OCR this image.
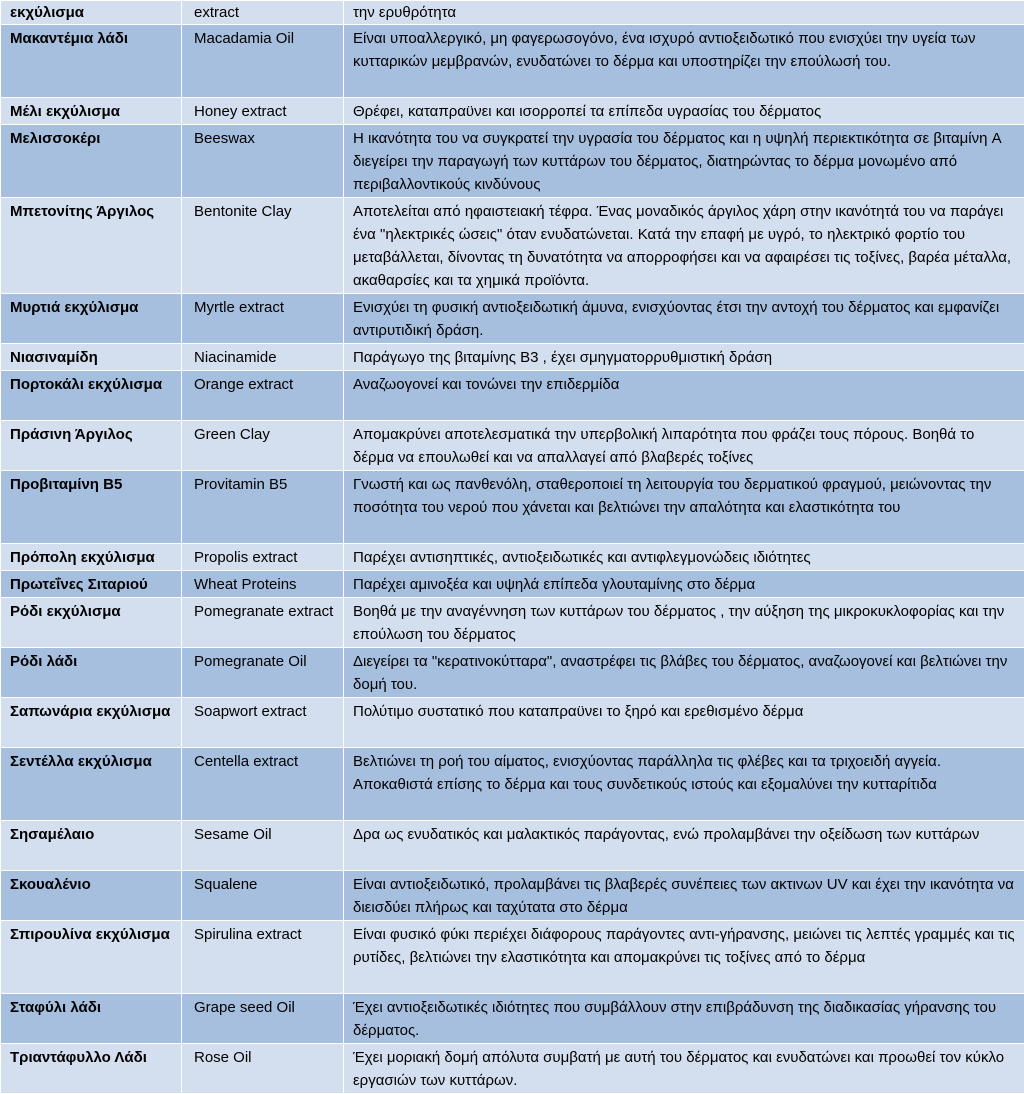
εκχύλισμα	extract	την ερυθρότητα
Μακαντέμια λάδι	Macadamia Oil	Είναι υποαλλεργικό, μη φαγερωσογόνο, ένα ισχυρό αντιοξειδωτικό που ενισχύει την υγεία των κυτταρικών μεμβρανών, ενυδατώνει το δέρμα και υποστηρίζει την επούλωσή του.
Μέλι εκχύλισμα	Honey extract	Θρέφει, καταπραϋνει και ισορροπεί τα επίπεδα υγρασίας του δέρματος
Μελισσοκέρι	Beeswax	Η ικανότητα του να συγκρατεί την υγρασία του δέρματος και η υψηλή περιεκτικότητα σε βιταμίνη A διεγείρει την παραγωγή των κυττάρων του δέρματος, διατηρώντας το δέρμα μονωμένο από περιβαλλοντικούς κινδύνους
Μπετονίτης Άργιλος	Bentonite Clay	Αποτελείται από ηφαιστειακή τέφρα. Ένας μοναδικός άργιλος χάρη στην ικανότητά του να παράγει ένα "ηλεκτρικές ώσεις" όταν ενυδατώνεται. Κατά την επαφή με υγρό, το ηλεκτρικό φορτίο του μεταβάλλεται, δίνοντας τη δυνατότητα να απορροφήσει και να αφαιρέσει τις τοξίνες, βαρέα μέταλλα, ακαθαρσίες και τα χημικά προϊόντα.
Μυρτιά εκχύλισμα	Myrtle extract	Ενισχύει τη φυσική αντιοξειδωτική άμυνα, ενισχύοντας έτσι την αντοχή του δέρματος και εμφανίζει αντιρυτιδική δράση.
Νιασιναμίδη	Niacinamide	Παράγωγο της βιταμίνης B3 , έχει σμηγματορρυθμιστική δράση
Πορτοκάλι εκχύλισμα	Orange extract	Αναζωογονεί και τονώνει την επιδερμίδα
Πράσινη Άργιλος	Green Clay	Απομακρύνει αποτελεσματικά την υπερβολική λιπαρότητα που φράζει τους πόρους. Βοηθά το δέρμα να επουλωθεί και να απαλλαγεί από βλαβερές τοξίνες
Προβιταμίνη B5	Provitamin B5	Γνωστή και ως πανθενόλη, σταθεροποιεί τη λειτουργία του δερματικού φραγμού, μειώνοντας την ποσότητα του νερού που χάνεται και βελτιώνει την απαλότητα και ελαστικότητα του
Πρόπολη εκχύλισμα	Propolis extract	Παρέχει αντισηπτικές, αντιοξειδωτικές και αντιφλεγμονώδεις ιδιότητες
Πρωτεΐνες Σιταριού	Wheat Proteins	Παρέχει αμινοξέα και υψηλά επίπεδα γλουταμίνης στο δέρμα
Ρόδι εκχύλισμα	Pomegranate extract	Βοηθά με την αναγέννηση των κυττάρων του δέρματος , την αύξηση της μικροκυκλοφορίας και την επούλωση του δέρματος
Ρόδι λάδι	Pomegranate Oil	Διεγείρει τα "κερατινοκύτταρα", αναστρέφει τις βλάβες του δέρματος, αναζωογονεί και βελτιώνει την δομή του.
Σαπωνάρια εκχύλισμα	Soapwort extract	Πολύτιμο συστατικό που καταπραϋνει το ξηρό και ερεθισμένο δέρμα
Σεντέλλα εκχύλισμα	Centella extract	Βελτιώνει τη ροή του αίματος, ενισχύοντας παράλληλα τις φλέβες και τα τριχοειδή αγγεία. Αποκαθιστά επίσης το δέρμα και τους συνδετικούς ιστούς και εξομαλύνει την κυτταρίτιδα
Σησαμέλαιο	Sesame Oil	Δρα ως ενυδατικός και μαλακτικός παράγοντας, ενώ προλαμβάνει την οξείδωση των κυττάρων
Σκουαλένιο	Squalene	Είναι αντιοξειδωτικό, προλαμβάνει τις βλαβερές συνέπειες των ακτινων UV και έχει την ικανότητα να διεισδύει πλήρως και ταχύτατα στο δέρμα
Σπιρουλίνα εκχύλισμα	Spirulina extract	Είναι φυσικό φύκι περιέχει διάφορους παράγοντες αντι-γήρανσης, μειώνει τις λεπτές γραμμές και τις ρυτίδες, βελτιώνει την ελαστικότητα και απομακρύνει τις τοξίνες από το δέρμα
Σταφύλι λάδι	Grape seed Oil	Έχει αντιοξειδωτικές ιδιότητες που συμβάλλουν στην επιβράδυνση της διαδικασίας γήρανσης του δέρματος.
Τριαντάφυλλο Λάδι	Rose Oil	Έχει μοριακή δομή απόλυτα συμβατή με αυτή του δέρματος και ενυδατώνει και προωθεί τον κύκλο εργασιών των κυττάρων.
